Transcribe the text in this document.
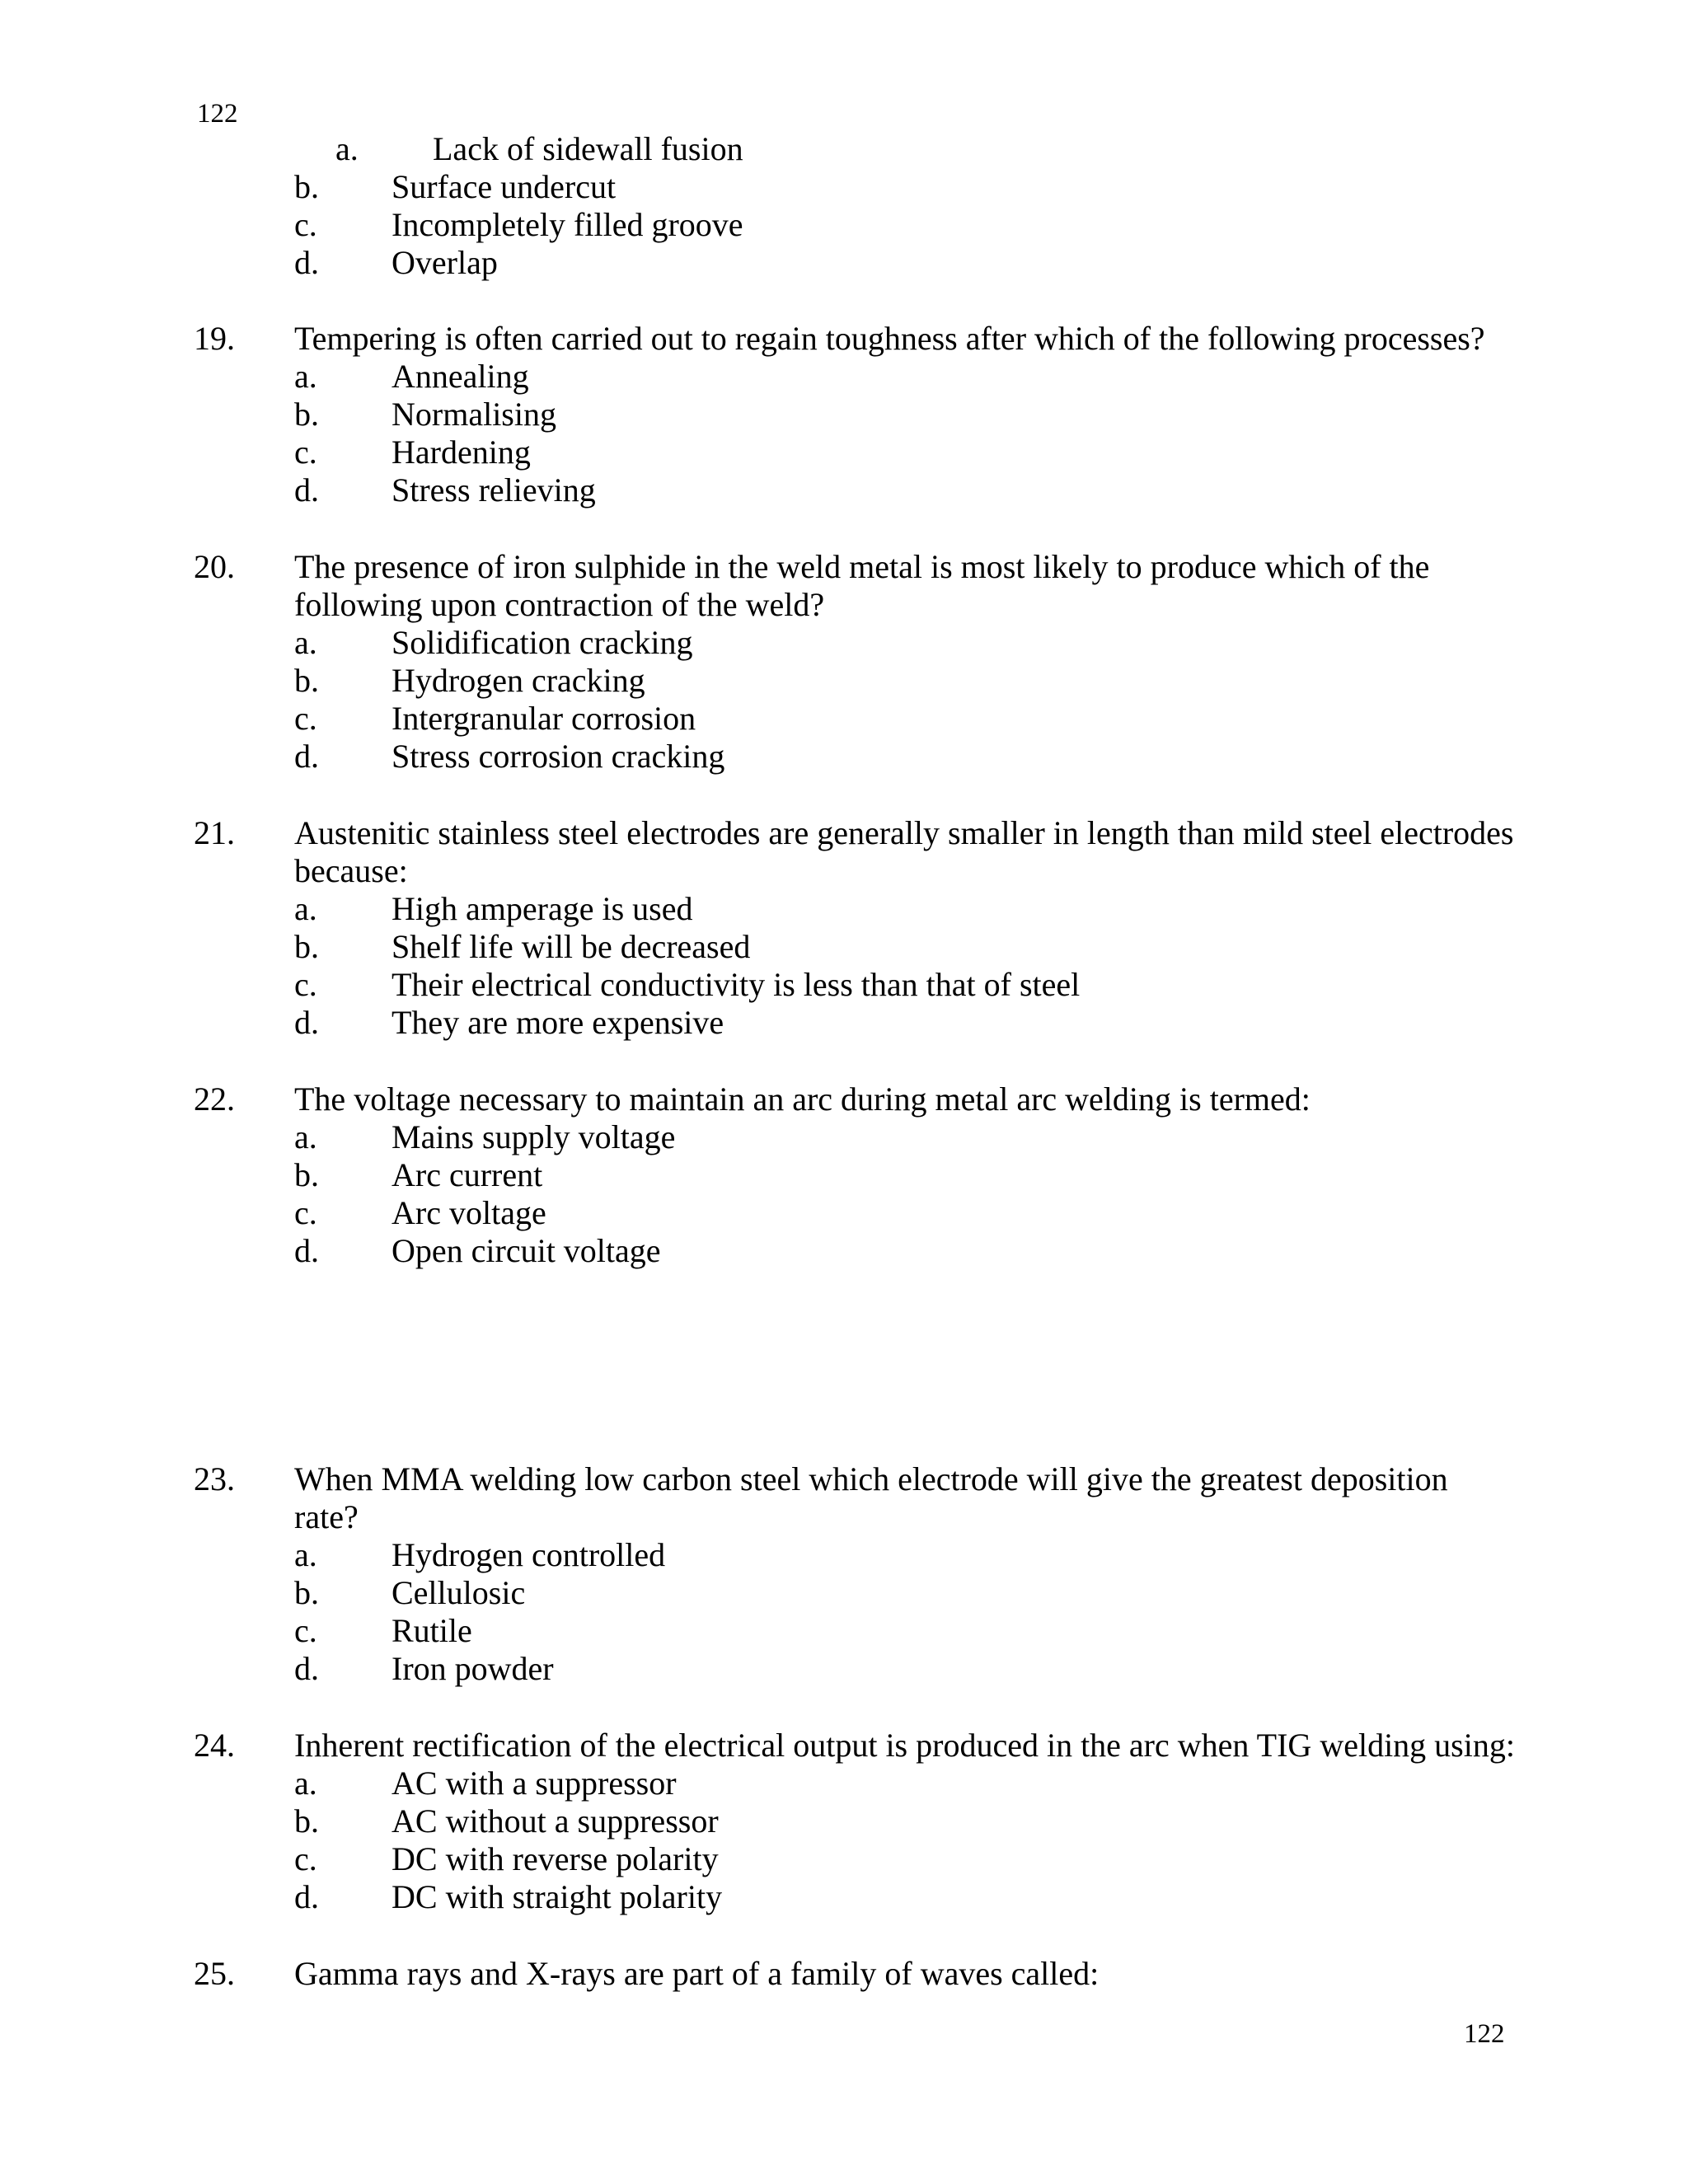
122
a. Lack of sidewall fusion
b. Surface undercut
c. Incompletely filled groove
d. Overlap
19. Tempering is often carried out to regain toughness after which of the following processes?
a. Annealing
b. Normalising
c. Hardening
d. Stress relieving
20. The presence of iron sulphide in the weld metal is most likely to produce which of the
following upon contraction of the weld?
a. Solidification cracking
b. Hydrogen cracking
c. Intergranular corrosion
d. Stress corrosion cracking
21. Austenitic stainless steel electrodes are generally smaller in length than mild steel electrodes
because:
a. High amperage is used
b. Shelf life will be decreased
c. Their electrical conductivity is less than that of steel
d. They are more expensive
22. The voltage necessary to maintain an arc during metal arc welding is termed:
a. Mains supply voltage
b. Arc current
c. Arc voltage
d. Open circuit voltage
23. When MMA welding low carbon steel which electrode will give the greatest deposition
rate?
a. Hydrogen controlled
b. Cellulosic
c. Rutile
d. Iron powder
24. Inherent rectification of the electrical output is produced in the arc when TIG welding using:
a. AC with a suppressor
b. AC without a suppressor
c. DC with reverse polarity
d. DC with straight polarity
25. Gamma rays and X-rays are part of a family of waves called:
122
